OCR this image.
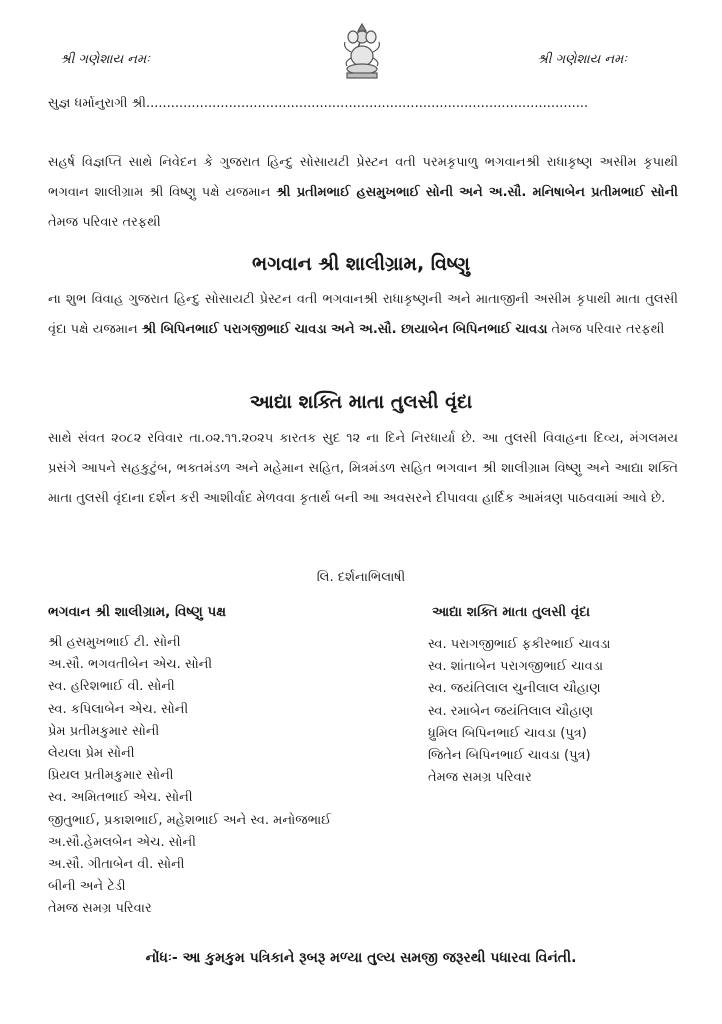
શ્રી ગણેશાય નમઃ	શ્રી ગણેશાય નમઃ
સુજ્ઞ ધર્માનુરાગી શ્રી...........................................................................................................

સહર્ષ વિજ્ઞપ્તિ સાથે નિવેદન કે ગુજરાત હિન્દુ સોસાયટી પ્રેસ્ટન વતી પરમકૃપાળુ ભગવાનશ્રી રાધાકૃષ્ણ અસીમ કૃપાથી ભગવાન શાલીગ્રામ શ્રી વિષ્ણુ પક્ષે યજમાન શ્રી પ્રતીમભાઈ હસમુખભાઈ સોની અને અ.સૌ. મનિષાબેન પ્રતીમભાઈ સોની તેમજ પરિવાર તરફથી

ભગવાન શ્રી શાલીગ્રામ, વિષ્ણુ

ના શુભ વિવાહ ગુજરાત હિન્દુ સોસાયટી પ્રેસ્ટન વતી ભગવાનશ્રી રાધાકૃષ્ણની અને માતાજીની અસીમ કૃપાથી માતા તુલસી વૃંદા પક્ષે યજમાન શ્રી બિપિનભાઈ પરાગજીભાઈ ચાવડા અને અ.સૌ. છાયાબેન બિપિનભાઈ ચાવડા તેમજ પરિવાર તરફથી

આદ્યા શક્તિ માતા તુલસી વૃંદા

સાથે સંવત ૨૦૮૨ રવિવાર તા.૦૨.૧૧.૨૦૨૫ કારતક સુદ ૧૨ ના દિને નિરધાર્યા છે. આ તુલસી વિવાહના દિવ્ય, મંગલમય પ્રસંગે આપને સહકુટુંબ, ભક્તમંડળ અને મહેમાન સહિત, મિત્રમંડળ સહિત ભગવાન શ્રી શાલીગ્રામ વિષ્ણુ અને આદ્યા શક્તિ માતા તુલસી વૃંદાના દર્શન કરી આશીર્વાદ મેળવવા કૃતાર્થ બની આ અવસરને દીપાવવા હાર્દિક આમંત્રણ પાઠવવામાં આવે છે.

લિ. દર્શનાભિલાષી
ભગવાન શ્રી શાલીગ્રામ, વિષ્ણુ પક્ષ	આદ્યા શક્તિ માતા તુલસી વૃંદા
શ્રી હસમુખભાઈ ટી. સોની
અ.સૌ. ભગવતીબેન એચ. સોની
સ્વ. હરિશભાઈ વી. સોની
સ્વ. કપિલાબેન એચ. સોની
પ્રેમ પ્રતીમકુમાર સોની
લેયલા પ્રેમ સોની
પ્રિયલ પ્રતીમકુમાર સોની
સ્વ. અમિતભાઈ એચ. સોની
જીતુભાઈ, પ્રકાશભાઈ, મહેશભાઈ અને સ્વ. મનોજભાઈ
અ.સૌ.હેમલબેન એચ. સોની
અ.સૌ. ગીતાબેન વી. સોની
બીની અને ટેડી
તેમજ સમગ્ર પરિવાર
સ્વ. પરાગજીભાઈ ફકીરભાઈ ચાવડા
સ્વ. શાંતાબેન પરાગજીભાઈ ચાવડા
સ્વ. જયંતિલાલ ચુનીલાલ ચૌહાણ
સ્વ. રમાબેન જયંતિલાલ ચૌહાણ
ધ્રુમિલ બિપિનભાઈ ચાવડા (પુત્ર)
જિતેન બિપિનભાઈ ચાવડા (પુત્ર)
તેમજ સમગ્ર પરિવાર
નોંધઃ- આ કુમકુમ પત્રિકાને રૂબરૂ મળ્યા તુલ્ય સમજી જરૂરથી પધારવા વિનંતી.
